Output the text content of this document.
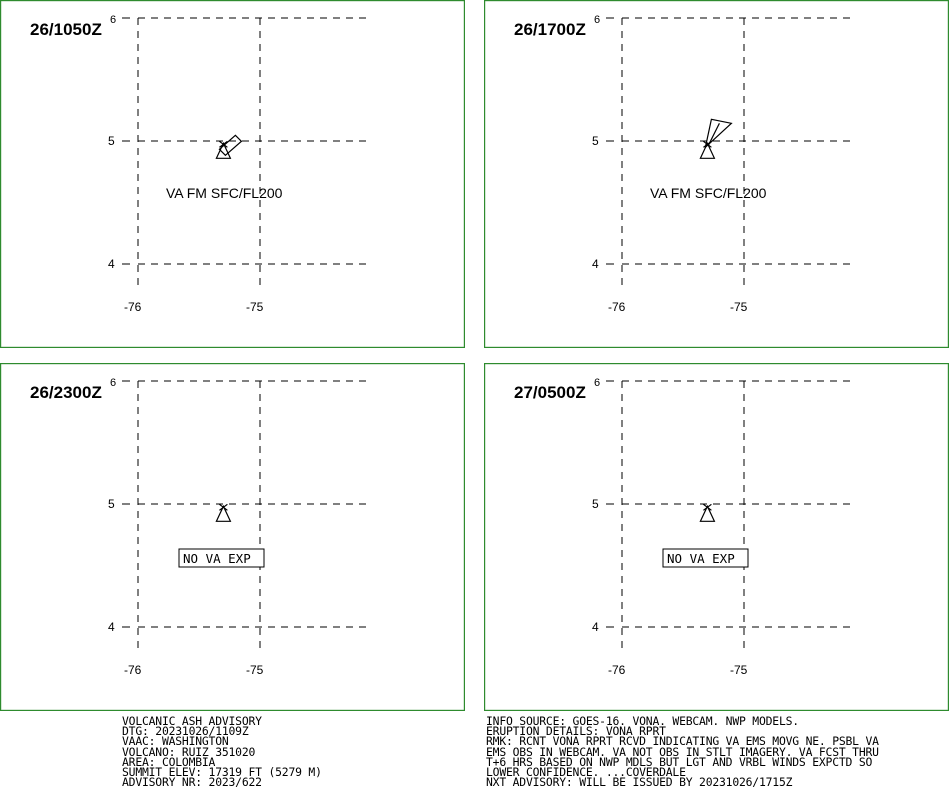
6
5
4
-76	-75
26/1050Z
VA FM SFC/FL200
6
5
4
-76	-75
26/1700Z
VA FM SFC/FL200
6
5
4
-76	-75
26/2300Z
NO VA EXP
6
5
4
-76	-75
27/0500Z
NO VA EXP
VOLCANIC ASH ADVISORY
DTG: 20231026/1109Z
VAAC: WASHINGTON
VOLCANO: RUIZ 351020
AREA: COLOMBIA
SUMMIT ELEV: 17319 FT (5279 M)
ADVISORY NR: 2023/622
INFO SOURCE: GOES-16. VONA. WEBCAM. NWP MODELS.
ERUPTION DETAILS: VONA RPRT
RMK: RCNT VONA RPRT RCVD INDICATING VA EMS MOVG NE. PSBL VA
EMS OBS IN WEBCAM. VA NOT OBS IN STLT IMAGERY. VA FCST THRU
T+6 HRS BASED ON NWP MDLS BUT LGT AND VRBL WINDS EXPCTD SO
LOWER CONFIDENCE. ...COVERDALE
NXT ADVISORY: WILL BE ISSUED BY 20231026/1715Z
